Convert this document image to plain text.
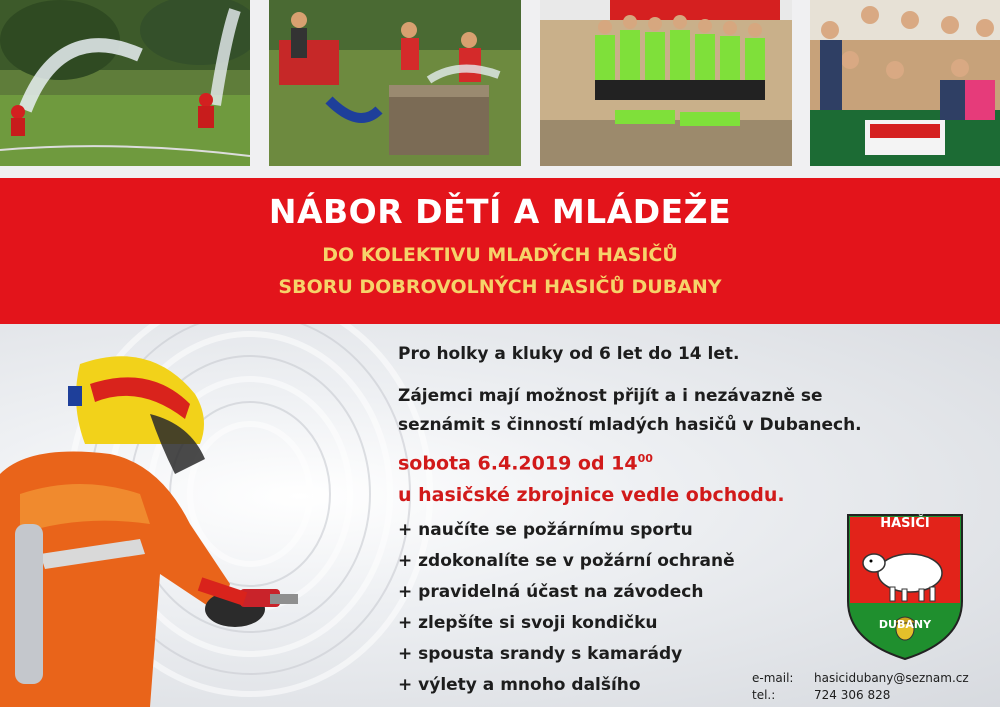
NÁBOR DĚTÍ A MLÁDEŽE
DO KOLEKTIVU MLADÝCH HASIČŮ
SBORU DOBROVOLNÝCH HASIČŮ DUBANY
Pro holky a kluky od 6 let do 14 let.
Zájemci mají možnost přijít a i nezávazně se
seznámit s činností mladých hasičů v Dubanech.
sobota 6.4.2019 od $14^{00}$
u hasičské zbrojnice vedle obchodu.
+ naučíte se požárnímu sportu
+ zdokonalíte se v požární ochraně
+ pravidelná účast na závodech
+ zlepšíte si svoji kondičku
+ spousta srandy s kamarády
+ výlety a mnoho dalšího
HASIČI
DUBANY
e-mail: hasicidubany@seznam.cz
tel.:	724 306 828
